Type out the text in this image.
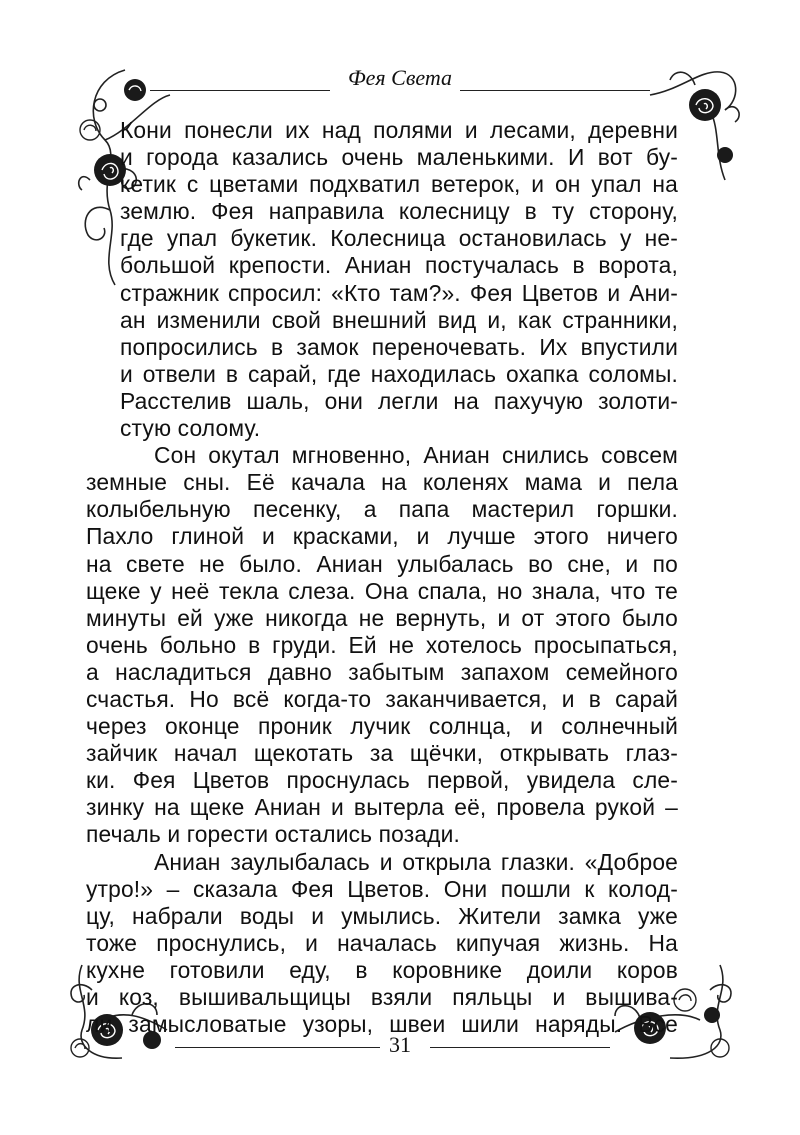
Фея Света

Кони понесли их над полями и лесами, деревни
и города казались очень маленькими. И вот бу-
кетик с цветами подхватил ветерок, и он упал на
землю. Фея направила колесницу в ту сторону,
где упал букетик. Колесница остановилась у не-
большой крепости. Аниан постучалась в ворота,
стражник спросил: «Кто там?». Фея Цветов и Ани-
ан изменили свой внешний вид и, как странники,
попросились в замок переночевать. Их впустили
и отвели в сарай, где находилась охапка соломы.
Расстелив шаль, они легли на пахучую золоти-
стую солому.

Сон окутал мгновенно, Аниан снились совсем
земные сны. Её качала на коленях мама и пела
колыбельную песенку, а папа мастерил горшки.
Пахло глиной и красками, и лучше этого ничего
на свете не было. Аниан улыбалась во сне, и по
щеке у неё текла слеза. Она спала, но знала, что те
минуты ей уже никогда не вернуть, и от этого было
очень больно в груди. Ей не хотелось просыпаться,
а насладиться давно забытым запахом семейного
счастья. Но всё когда-то заканчивается, и в сарай
через оконце проник лучик солнца, и солнечный
зайчик начал щекотать за щёчки, открывать глаз-
ки. Фея Цветов проснулась первой, увидела сле-
зинку на щеке Аниан и вытерла её, провела рукой –
печаль и горести остались позади.

Аниан заулыбалась и открыла глазки. «Доброе
утро!» – сказала Фея Цветов. Они пошли к колод-
цу, набрали воды и умылись. Жители замка уже
тоже проснулись, и началась кипучая жизнь. На
кухне готовили еду, в коровнике доили коров
и коз, вышивальщицы взяли пяльцы и вышива-
ли замысловатые узоры, швеи шили наряды. Все

31
